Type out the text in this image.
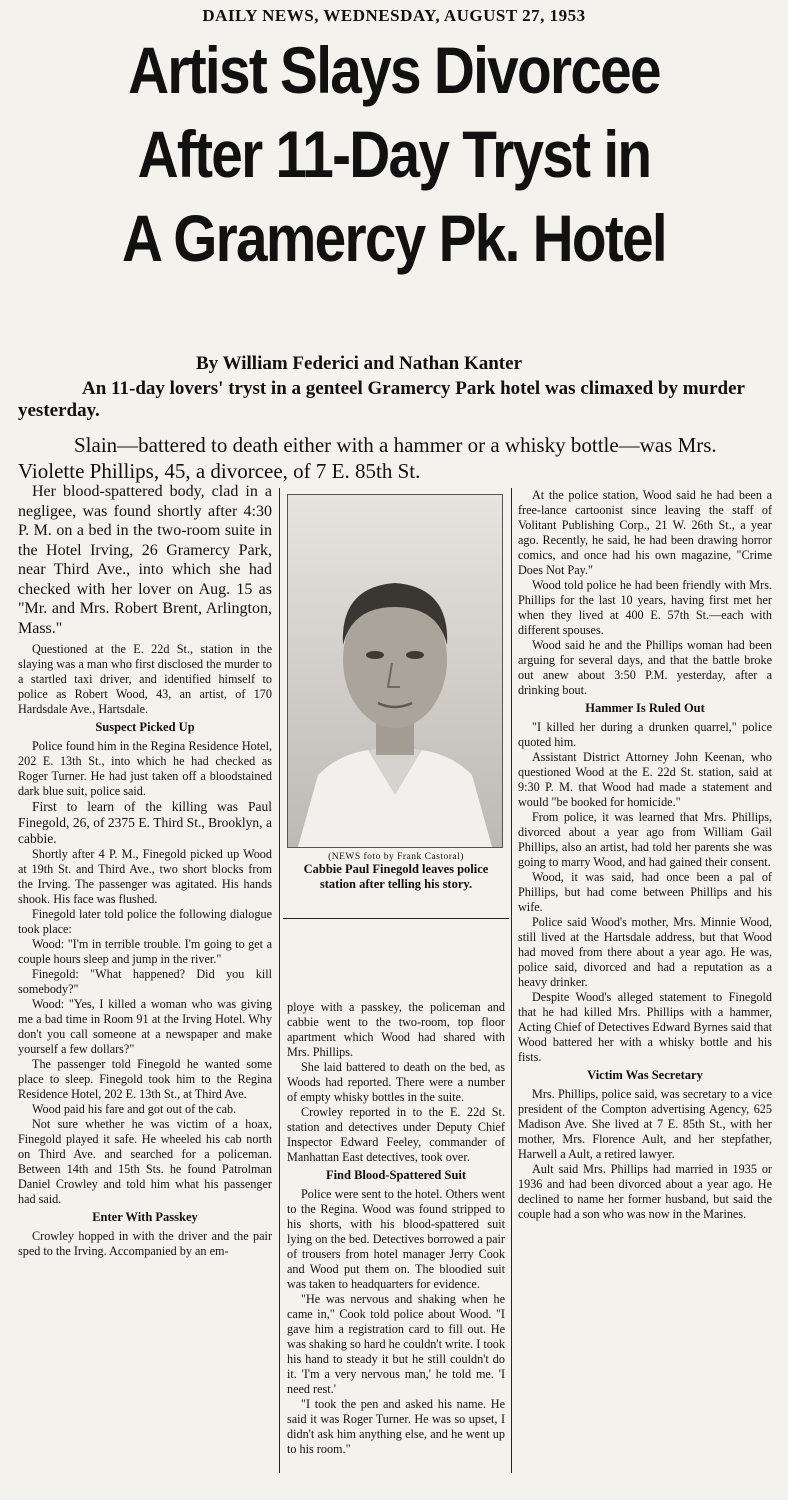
DAILY NEWS, WEDNESDAY, AUGUST 27, 1953
Artist Slays Divorcee
After 11-Day Tryst in
A Gramercy Pk. Hotel
By William Federici and Nathan Kanter
An 11-day lovers' tryst in a genteel Gramercy Park hotel was climaxed by murder yesterday.
Slain—battered to death either with a hammer or a whisky bottle—was Mrs. Violette Phillips, 45, a divorcee, of 7 E. 85th St.

Her blood-spattered body, clad in a negligee, was found shortly after 4:30 P. M. on a bed in the two-room suite in the Hotel Irving, 26 Gramercy Park, near Third Ave., into which she had checked with her lover on Aug. 15 as "Mr. and Mrs. Robert Brent, Arlington, Mass."

Questioned at the E. 22d St., station in the slaying was a man who first disclosed the murder to a startled taxi driver, and identified himself to police as Robert Wood, 43, an artist, of 170 Hardsdale Ave., Hartsdale.

Suspect Picked Up

Police found him in the Regina Residence Hotel, 202 E. 13th St., into which he had checked as Roger Turner. He had just taken off a bloodstained dark blue suit, police said.

First to learn of the killing was Paul Finegold, 26, of 2375 E. Third St., Brooklyn, a cabbie.

Shortly after 4 P. M., Finegold picked up Wood at 19th St. and Third Ave., two short blocks from the Irving. The passenger was agitated. His hands shook. His face was flushed.

Finegold later told police the following dialogue took place:

Wood: "I'm in terrible trouble. I'm going to get a couple hours sleep and jump in the river."

Finegold: "What happened? Did you kill somebody?"

Wood: "Yes, I killed a woman who was giving me a bad time in Room 91 at the Irving Hotel. Why don't you call someone at a newspaper and make yourself a few dollars?"

The passenger told Finegold he wanted some place to sleep. Finegold took him to the Regina Residence Hotel, 202 E. 13th St., at Third Ave.

Wood paid his fare and got out of the cab.

Not sure whether he was victim of a hoax, Finegold played it safe. He wheeled his cab north on Third Ave. and searched for a policeman. Between 14th and 15th Sts. he found Patrolman Daniel Crowley and told him what his passenger had said.

Enter With Passkey

Crowley hopped in with the driver and the pair sped to the Irving. Accompanied by an em-

(NEWS foto by Frank Castoral)
Cabbie Paul Finegold leaves police station after telling his story.

ploye with a passkey, the policeman and cabbie went to the two-room, top floor apartment which Wood had shared with Mrs. Phillips.

She laid battered to death on the bed, as Woods had reported. There were a number of empty whisky bottles in the suite.

Crowley reported in to the E. 22d St. station and detectives under Deputy Chief Inspector Edward Feeley, commander of Manhattan East detectives, took over.

Find Blood-Spattered Suit

Police were sent to the hotel. Others went to the Regina. Wood was found stripped to his shorts, with his blood-spattered suit lying on the bed. Detectives borrowed a pair of trousers from hotel manager Jerry Cook and Wood put them on. The bloodied suit was taken to headquarters for evidence.

"He was nervous and shaking when he came in," Cook told police about Wood. "I gave him a registration card to fill out. He was shaking so hard he couldn't write. I took his hand to steady it but he still couldn't do it. 'I'm a very nervous man,' he told me. 'I need rest.'

"I took the pen and asked his name. He said it was Roger Turner. He was so upset, I didn't ask him anything else, and he went up to his room."

At the police station, Wood said he had been a free-lance cartoonist since leaving the staff of Volitant Publishing Corp., 21 W. 26th St., a year ago. Recently, he said, he had been drawing horror comics, and once had his own magazine, "Crime Does Not Pay."

Wood told police he had been friendly with Mrs. Phillips for the last 10 years, having first met her when they lived at 400 E. 57th St.—each with different spouses.

Wood said he and the Phillips woman had been arguing for several days, and that the battle broke out anew about 3:50 P.M. yesterday, after a drinking bout.

Hammer Is Ruled Out

"I killed her during a drunken quarrel," police quoted him.

Assistant District Attorney John Keenan, who questioned Wood at the E. 22d St. station, said at 9:30 P. M. that Wood had made a statement and would "be booked for homicide."

From police, it was learned that Mrs. Phillips, divorced about a year ago from William Gail Phillips, also an artist, had told her parents she was going to marry Wood, and had gained their consent.

Wood, it was said, had once been a pal of Phillips, but had come between Phillips and his wife.

Police said Wood's mother, Mrs. Minnie Wood, still lived at the Hartsdale address, but that Wood had moved from there about a year ago. He was, police said, divorced and had a reputation as a heavy drinker.

Despite Wood's alleged statement to Finegold that he had killed Mrs. Phillips with a hammer, Acting Chief of Detectives Edward Byrnes said that Wood battered her with a whisky bottle and his fists.

Victim Was Secretary

Mrs. Phillips, police said, was secretary to a vice president of the Compton advertising Agency, 625 Madison Ave. She lived at 7 E. 85th St., with her mother, Mrs. Florence Ault, and her stepfather, Harwell a Ault, a retired lawyer.

Ault said Mrs. Phillips had married in 1935 or 1936 and had been divorced about a year ago. He declined to name her former husband, but said the couple had a son who was now in the Marines.
